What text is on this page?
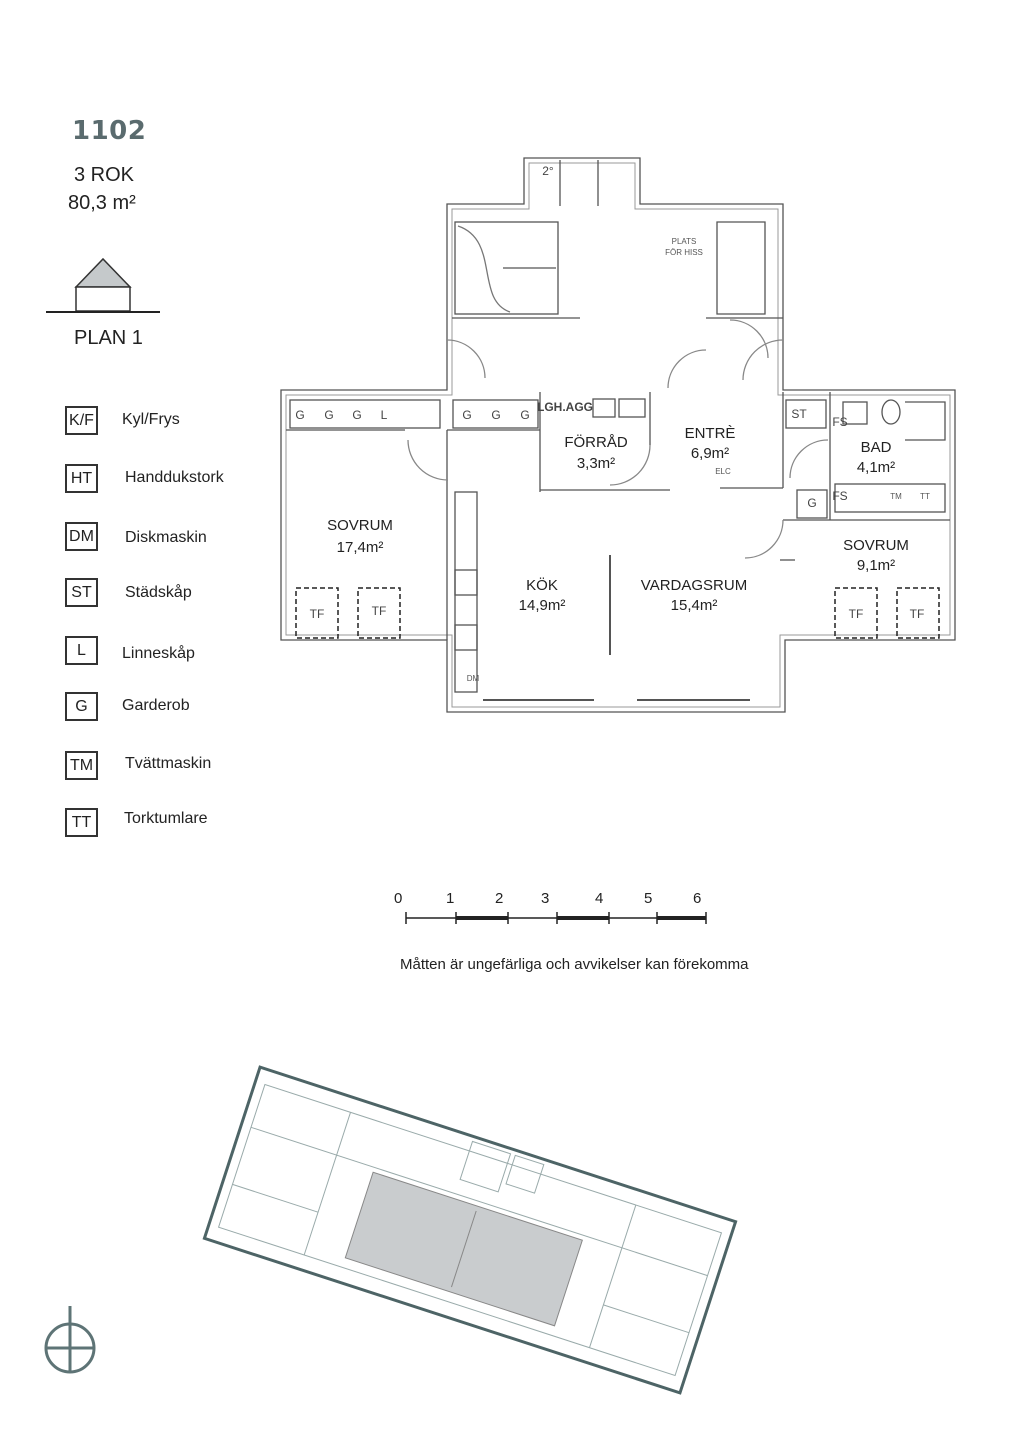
1102
3 ROK
80,3 m²
PLAN 1
K/F Kyl/Frys
HT	Handdukstork
DM Diskmaskin
ST	Städskåp
L	Linneskåp
G	Garderob
TM	Tvättmaskin
TT	Torktumlare
SOVRUM
17,4m²
FÖRRÅD
3,3m²
ENTRÈ
6,9m²	BAD
4,1m²
SOVRUM
9,1m²
KÖK
14,9m²
VARDAGSRUM
15,4m²
G G G L	G G G
G
ST
FS
FS
LGH.AGG
TF	TF	TF	TF
2°
PLATS
FÖR HISS
ELC
DM
TM TT
0	1	2	3	4	5	6
Måtten är ungefärliga och avvikelser kan förekomma
